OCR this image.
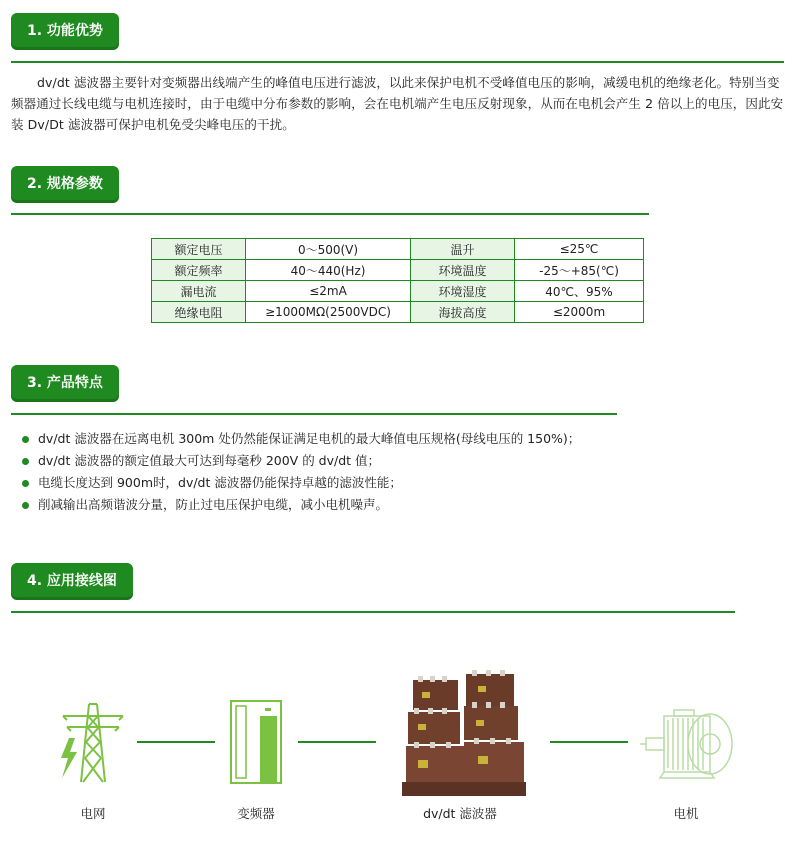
1. 功能优势

dv/dt 滤波器主要针对变频器出线端产生的峰值电压进行滤波，以此来保护电机不受峰值电压的影响，减缓电机的绝缘老化。特别当变频器通过长线电缆与电机连接时，由于电缆中分布参数的影响，会在电机端产生电压反射现象，从而在电机会产生 2 倍以上的电压，因此安装 Dv/Dt 滤波器可保护电机免受尖峰电压的干扰。

2. 规格参数
额定电压	0～500(V)	温升	≤25℃
额定频率	40～440(Hz)	环境温度	-25～+85(℃)
漏电流	≤2mA	环境湿度	40℃、95%
绝缘电阻	≥1000MΩ(2500VDC)	海拔高度	≤2000m
3. 产品特点
dv/dt 滤波器在远离电机 300m 处仍然能保证满足电机的最大峰值电压规格(母线电压的 150%)；
dv/dt 滤波器的额定值最大可达到每毫秒 200V 的 dv/dt 值；
电缆长度达到 900m时，dv/dt 滤波器仍能保持卓越的滤波性能；
削减输出高频谐波分量，防止过电压保护电缆，减小电机噪声。
4. 应用接线图
电网	变频器	dv/dt 滤波器	电机
